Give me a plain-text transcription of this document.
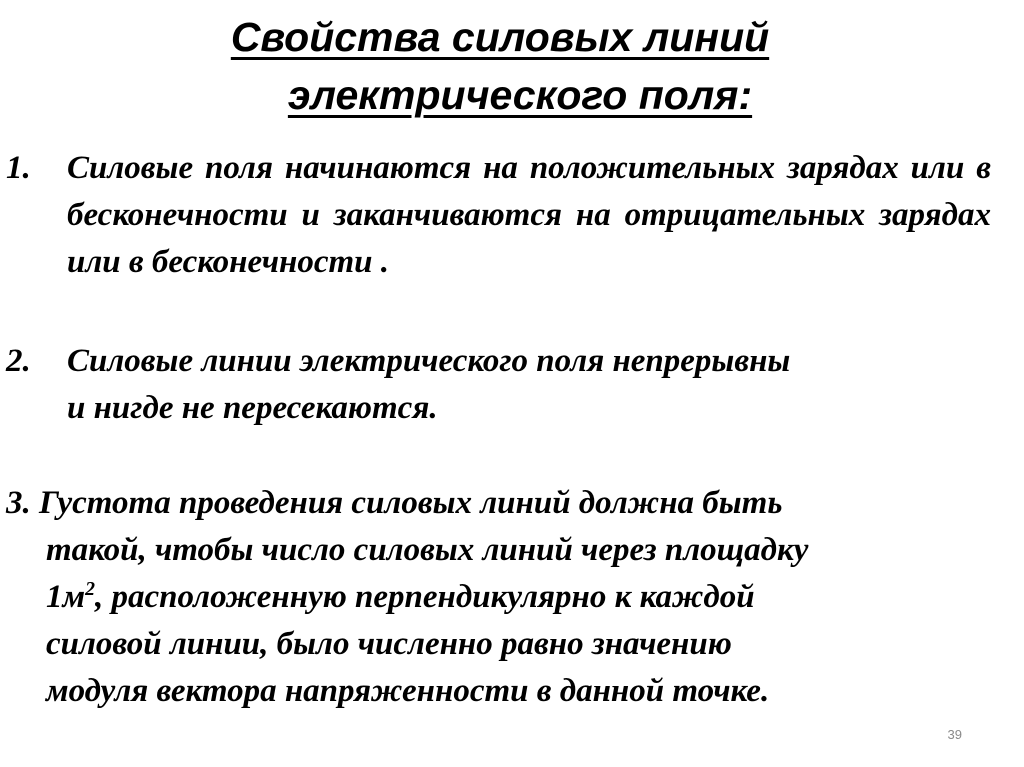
Свойства силовых линий
электрического поля:
1. Силовые поля начинаются на положительных зарядах или в бесконечности и заканчиваются на отрицательных зарядах или в бесконечности .
2. Силовые линии электрического поля непрерывны
и нигде не пересекаются.
3. Густота проведения силовых линий должна быть
такой, чтобы число силовых линий через площадку
$1м^2$, расположенную перпендикулярно к каждой
силовой линии, было численно равно значению
модуля вектора напряженности в данной точке.
39
